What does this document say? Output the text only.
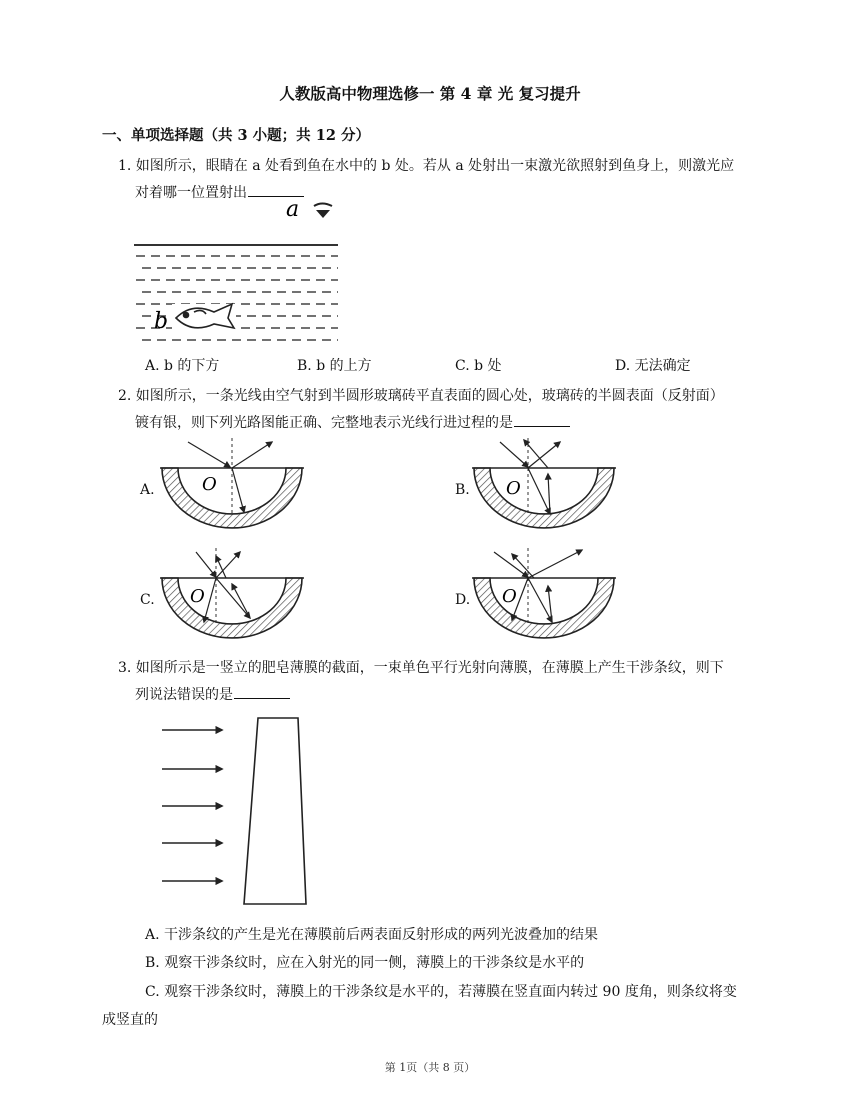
人教版高中物理选修一 第 4 章 光 复习提升
一、单项选择题（共 3 小题；共 12 分）
1. 如图所示，眼睛在 a 处看到鱼在水中的 b 处。若从 a 处射出一束激光欲照射到鱼身上，则激光应
对着哪一位置射出
a
b
A. b 的下方	B. b 的上方	C. b 处	D. 无法确定
2. 如图所示，一条光线由空气射到半圆形玻璃砖平直表面的圆心处，玻璃砖的半圆表面（反射面）
镀有银，则下列光路图能正确、完整地表示光线行进过程的是
A.	O	B. O
C. O	D. O
3. 如图所示是一竖立的肥皂薄膜的截面，一束单色平行光射向薄膜，在薄膜上产生干涉条纹，则下
列说法错误的是
A. 干涉条纹的产生是光在薄膜前后两表面反射形成的两列光波叠加的结果
B. 观察干涉条纹时，应在入射光的同一侧，薄膜上的干涉条纹是水平的
C. 观察干涉条纹时，薄膜上的干涉条纹是水平的，若薄膜在竖直面内转过 90 度角，则条纹将变
成竖直的
第 1页（共 8 页）
